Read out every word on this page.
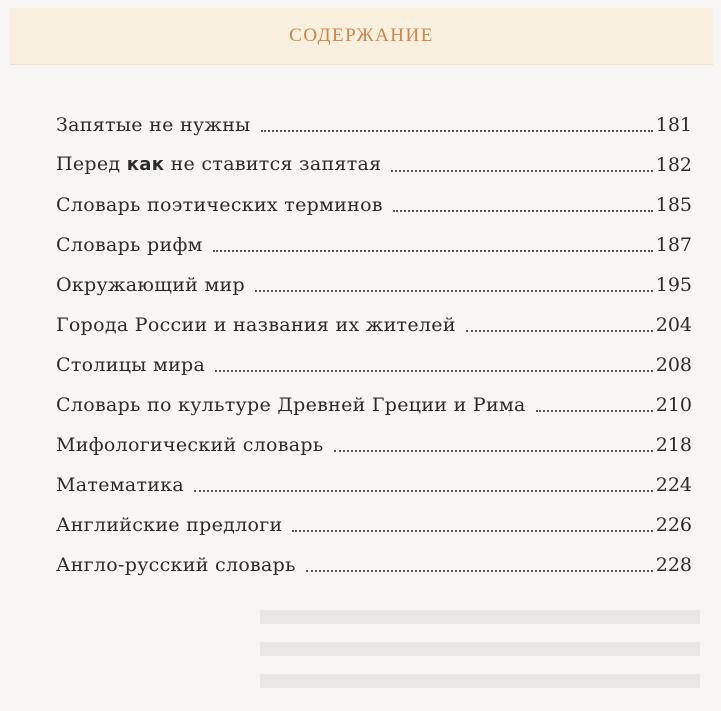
СОДЕРЖАНИЕ
Запятые не нужны	181
Перед как не ставится запятая	182
Словарь поэтических терминов	185
Словарь рифм	187
Окружающий мир	195
Города России и названия их жителей	204
Столицы мира	208
Словарь по культуре Древней Греции и Рима	210
Мифологический словарь	218
Математика	224
Английские предлоги	226
Англо-русский словарь	228
